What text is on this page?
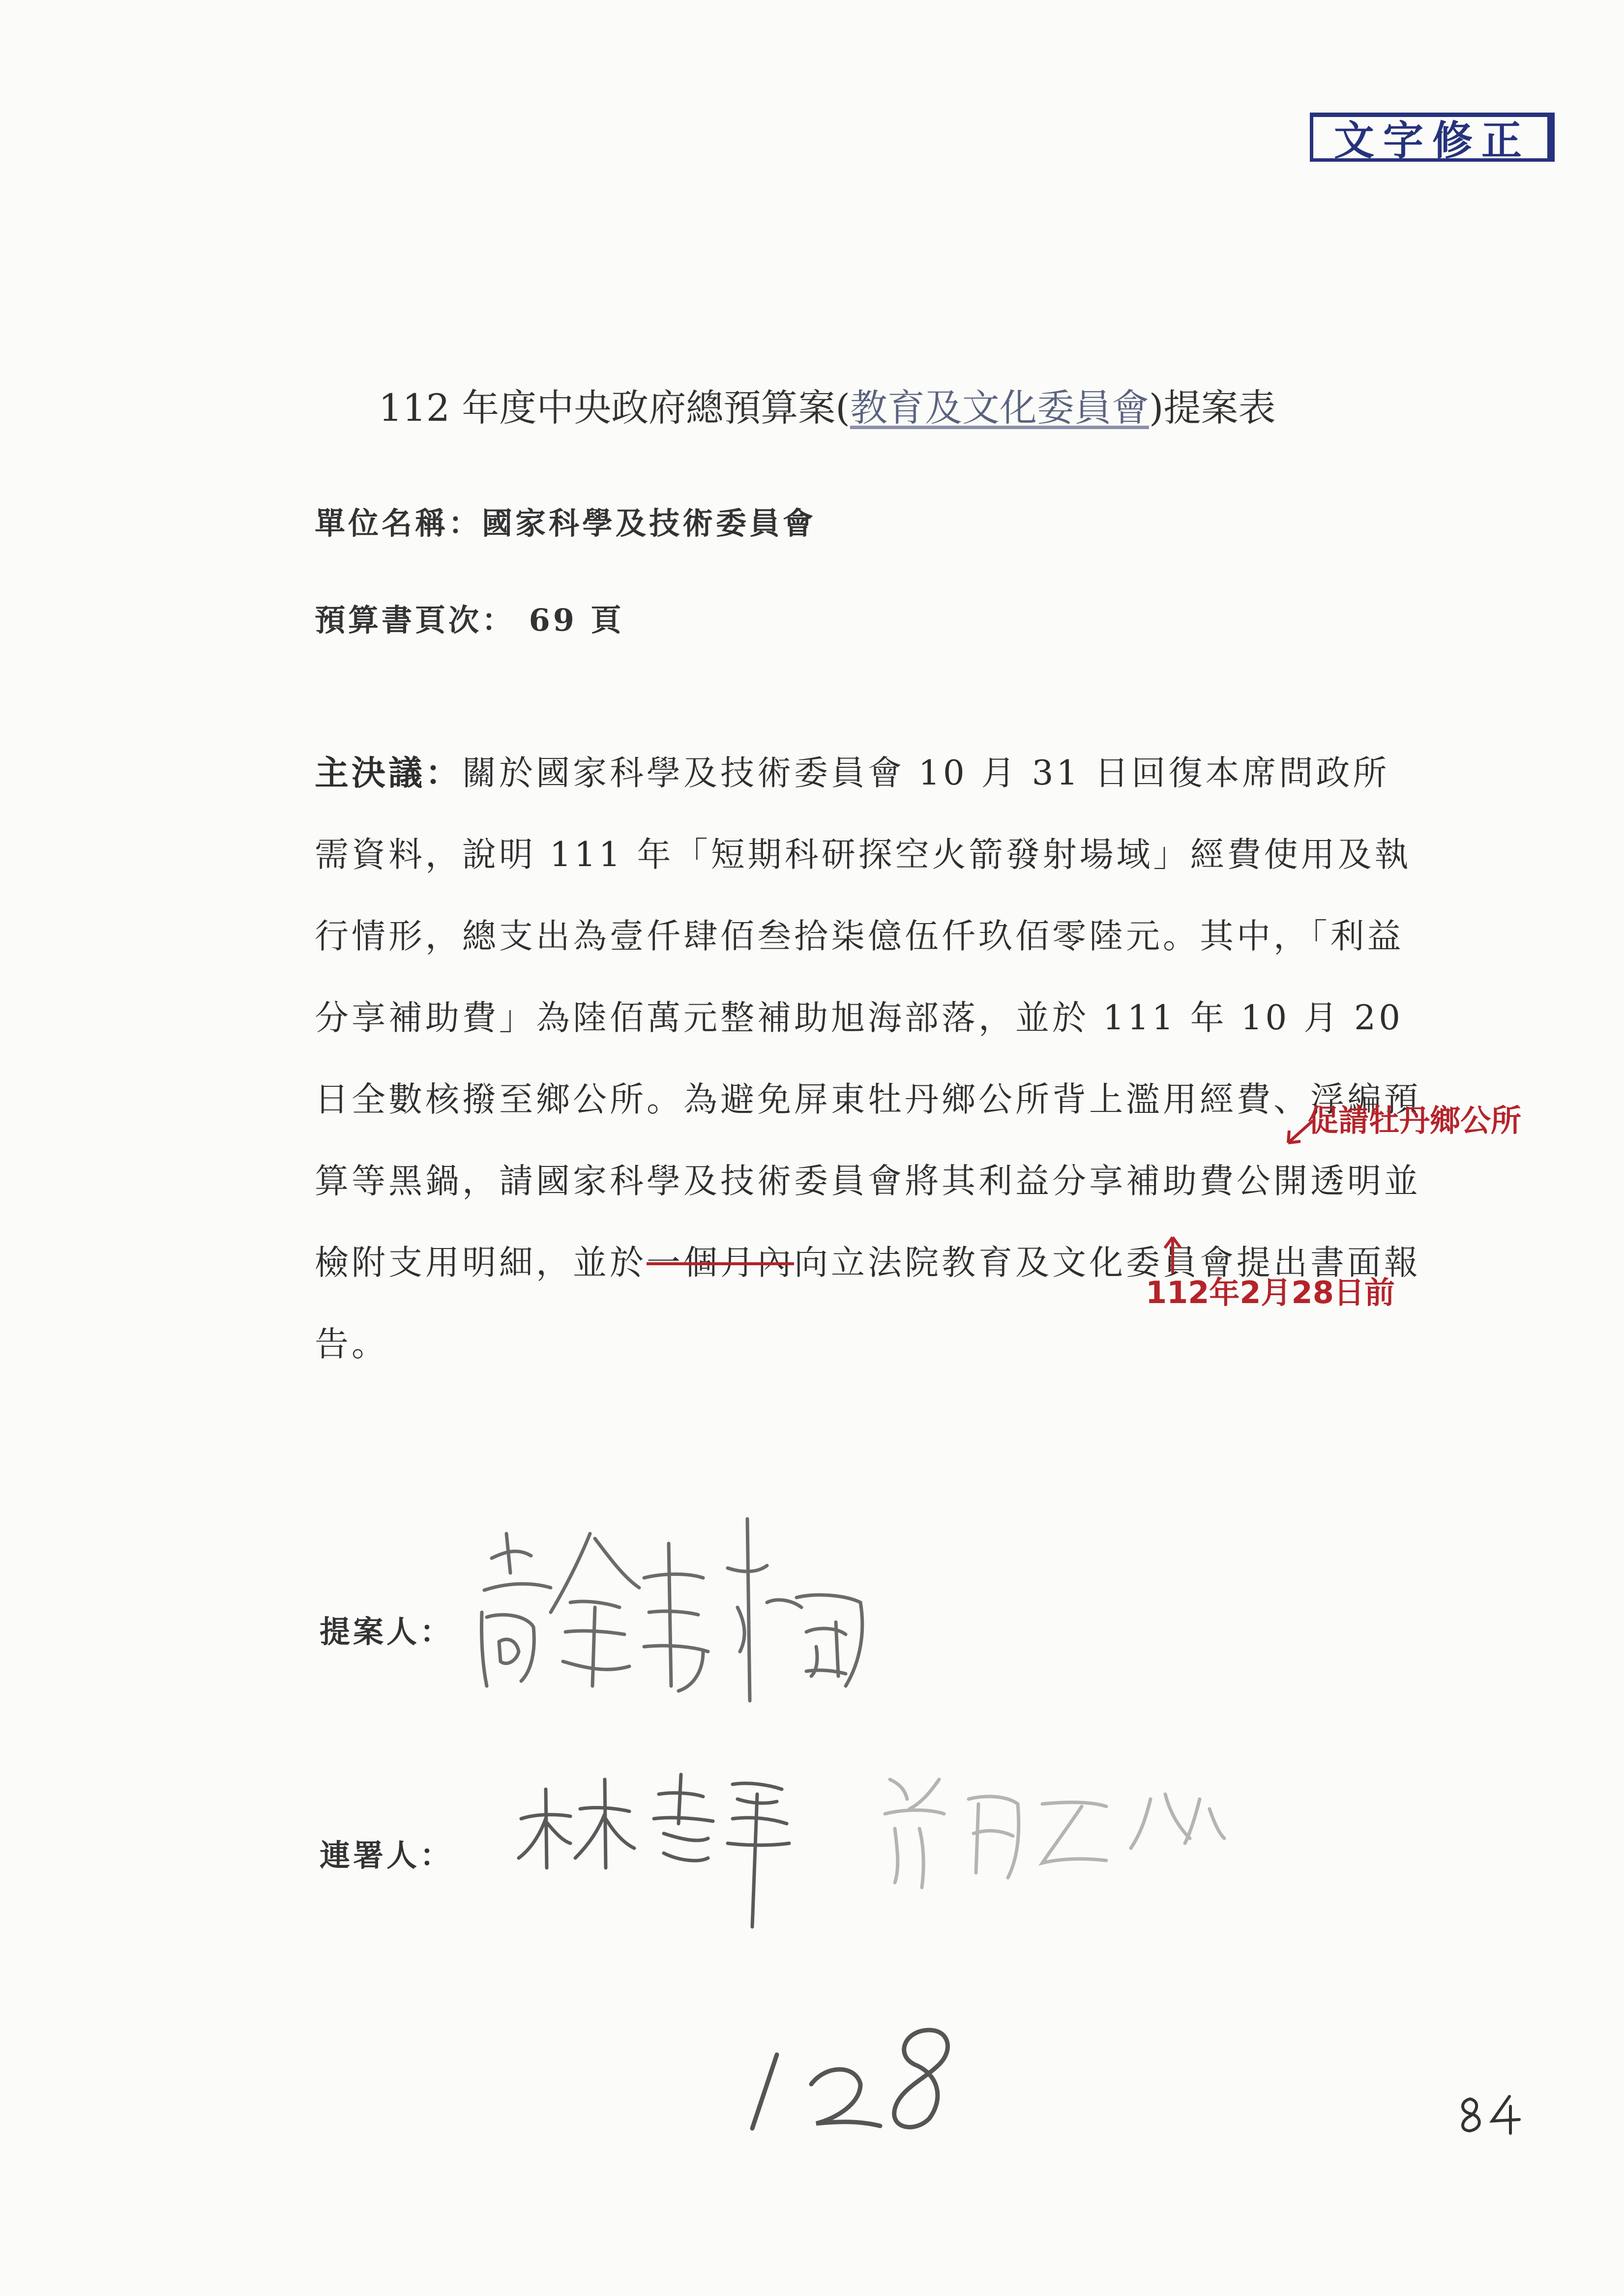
文字修正
112 年度中央政府總預算案(教育及文化委員會)提案表
單位名稱：國家科學及技術委員會
預算書頁次： 69 頁
主決議：關於國家科學及技術委員會 10 月 31 日回復本席問政所需資料，說明 111 年「短期科研探空火箭發射場域」經費使用及執行情形，總支出為壹仟肆佰叁拾柒億伍仟玖佰零陸元。其中，「利益分享補助費」為陸佰萬元整補助旭海部落，並於 111 年 10 月 20 日全數核撥至鄉公所。為避免屏東牡丹鄉公所背上濫用經費、浮編預算等黑鍋，請國家科學及技術委員會將其利益分享補助費公開透明並檢附支用明細，並於一個月內向立法院教育及文化委員會提出書面報告。
促請牡丹鄉公所
112年2月28日前
提案人：
連署人：
